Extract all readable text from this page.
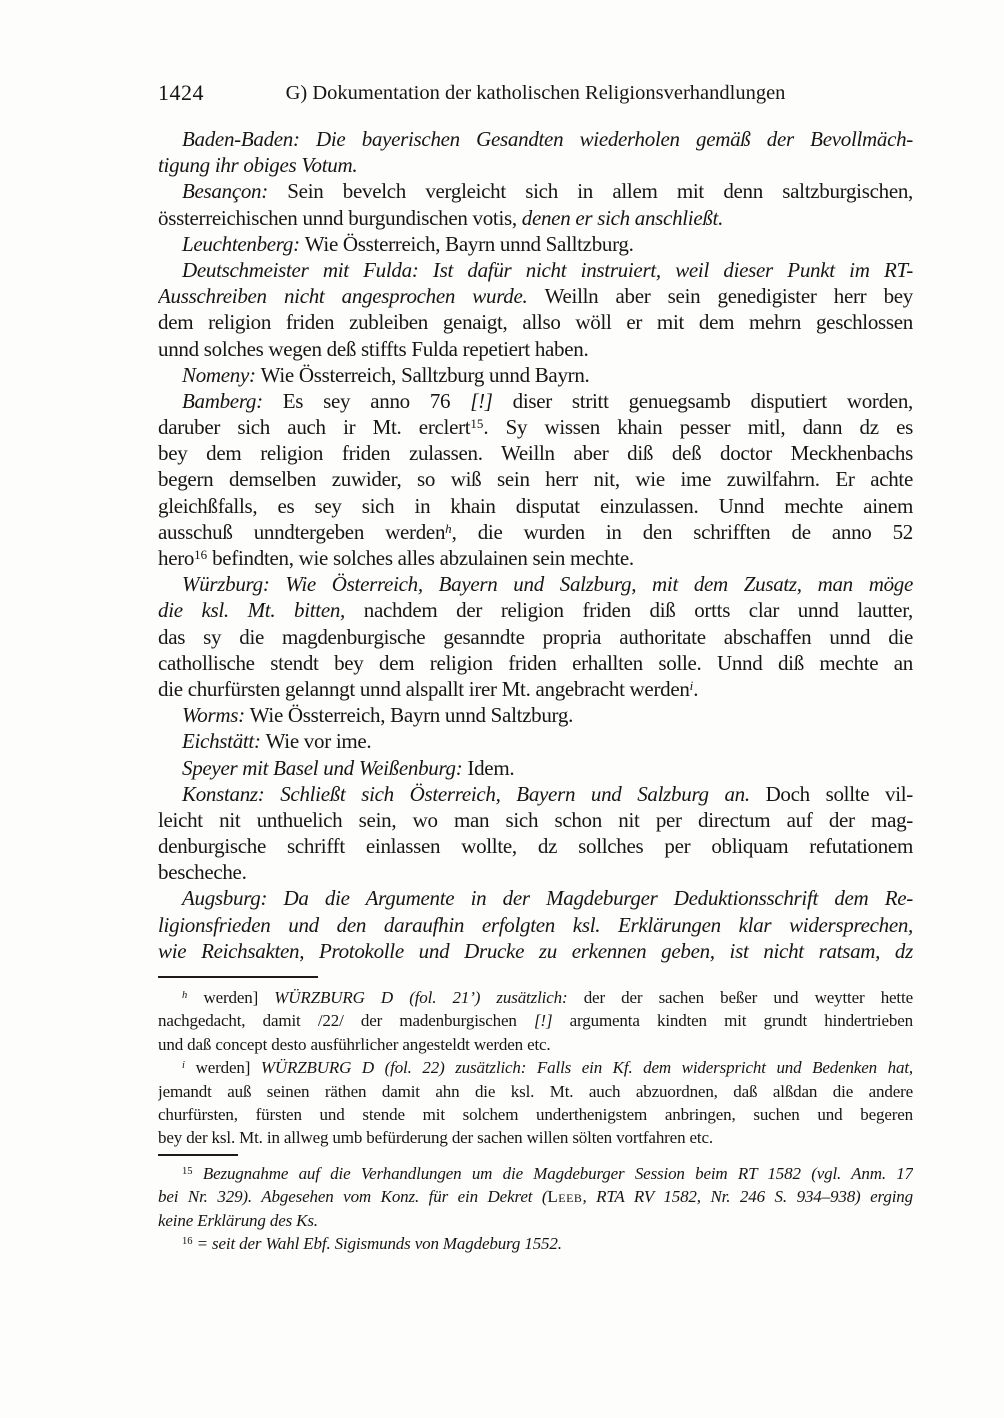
1424	G) Dokumentation der katholischen Religionsverhandlungen
Baden-Baden: Die bayerischen Gesandten wiederholen gemäß der Bevollmäch-
tigung ihr obiges Votum.
Besançon: Sein bevelch vergleicht sich in allem mit denn saltzburgischen,
össterreichischen unnd burgundischen votis, denen er sich anschließt.
Leuchtenberg: Wie Össterreich, Bayrn unnd Salltzburg.
Deutschmeister mit Fulda: Ist dafür nicht instruiert, weil dieser Punkt im RT-
Ausschreiben nicht angesprochen wurde. Weilln aber sein genedigister herr bey
dem religion friden zubleiben genaigt, allso wöll er mit dem mehrn geschlossen
unnd solches wegen deß stiffts Fulda repetiert haben.
Nomeny: Wie Össterreich, Salltzburg unnd Bayrn.
Bamberg: Es sey anno 76 [!] diser stritt genuegsamb disputiert worden,
daruber sich auch ir Mt. erclert$^{15}$. Sy wissen khain pesser mitl, dann dz es
bey dem religion friden zulassen. Weilln aber diß deß doctor Meckhenbachs
begern demselben zuwider, so wiß sein herr nit, wie ime zuwilfahrn. Er achte
gleichßfalls, es sey sich in khain disputat einzulassen. Unnd mechte ainem
ausschuß unndtergeben werden$^h$, die wurden in den schrifften de anno 52
hero$^{16}$ befindten, wie solches alles abzulainen sein mechte.
Würzburg: Wie Österreich, Bayern und Salzburg, mit dem Zusatz, man möge
die ksl. Mt. bitten, nachdem der religion friden diß ortts clar unnd lautter,
das sy die magdenburgische gesanndte propria authoritate abschaffen unnd die
cathollische stendt bey dem religion friden erhallten solle. Unnd diß mechte an
die churfürsten gelanngt unnd alspallt irer Mt. angebracht werden$^i$.
Worms: Wie Össterreich, Bayrn unnd Saltzburg.
Eichstätt: Wie vor ime.
Speyer mit Basel und Weißenburg: Idem.
Konstanz: Schließt sich Österreich, Bayern und Salzburg an. Doch sollte vil-
leicht nit unthuelich sein, wo man sich schon nit per directum auf der mag-
denburgische schrifft einlassen wollte, dz sollches per obliquam refutationem
bescheche.
Augsburg: Da die Argumente in der Magdeburger Deduktionsschrift dem Re-
ligionsfrieden und den daraufhin erfolgten ksl. Erklärungen klar widersprechen,
wie Reichsakten, Protokolle und Drucke zu erkennen geben, ist nicht ratsam, dz
$^h$ werden] WÜRZBURG D (fol. 21’) zusätzlich: der der sachen beßer und weytter hette
nachgedacht, damit /22/ der madenburgischen [!] argumenta kindten mit grundt hindertrieben
und daß concept desto ausführlicher angesteldt werden etc.
$^i$ werden] WÜRZBURG D (fol. 22) zusätzlich: Falls ein Kf. dem widerspricht und Bedenken hat,
jemandt auß seinen räthen damit ahn die ksl. Mt. auch abzuordnen, daß alßdan die andere
churfürsten, fürsten und stende mit solchem underthenigstem anbringen, suchen und begeren
bey der ksl. Mt. in allweg umb befürderung der sachen willen sölten vortfahren etc.
$^{15}$ Bezugnahme auf die Verhandlungen um die Magdeburger Session beim RT 1582 (vgl. Anm. 17
bei Nr. 329). Abgesehen vom Konz. für ein Dekret (Leeb, RTA RV 1582, Nr. 246 S. 934–938) erging
keine Erklärung des Ks.
$^{16}$ = seit der Wahl Ebf. Sigismunds von Magdeburg 1552.
